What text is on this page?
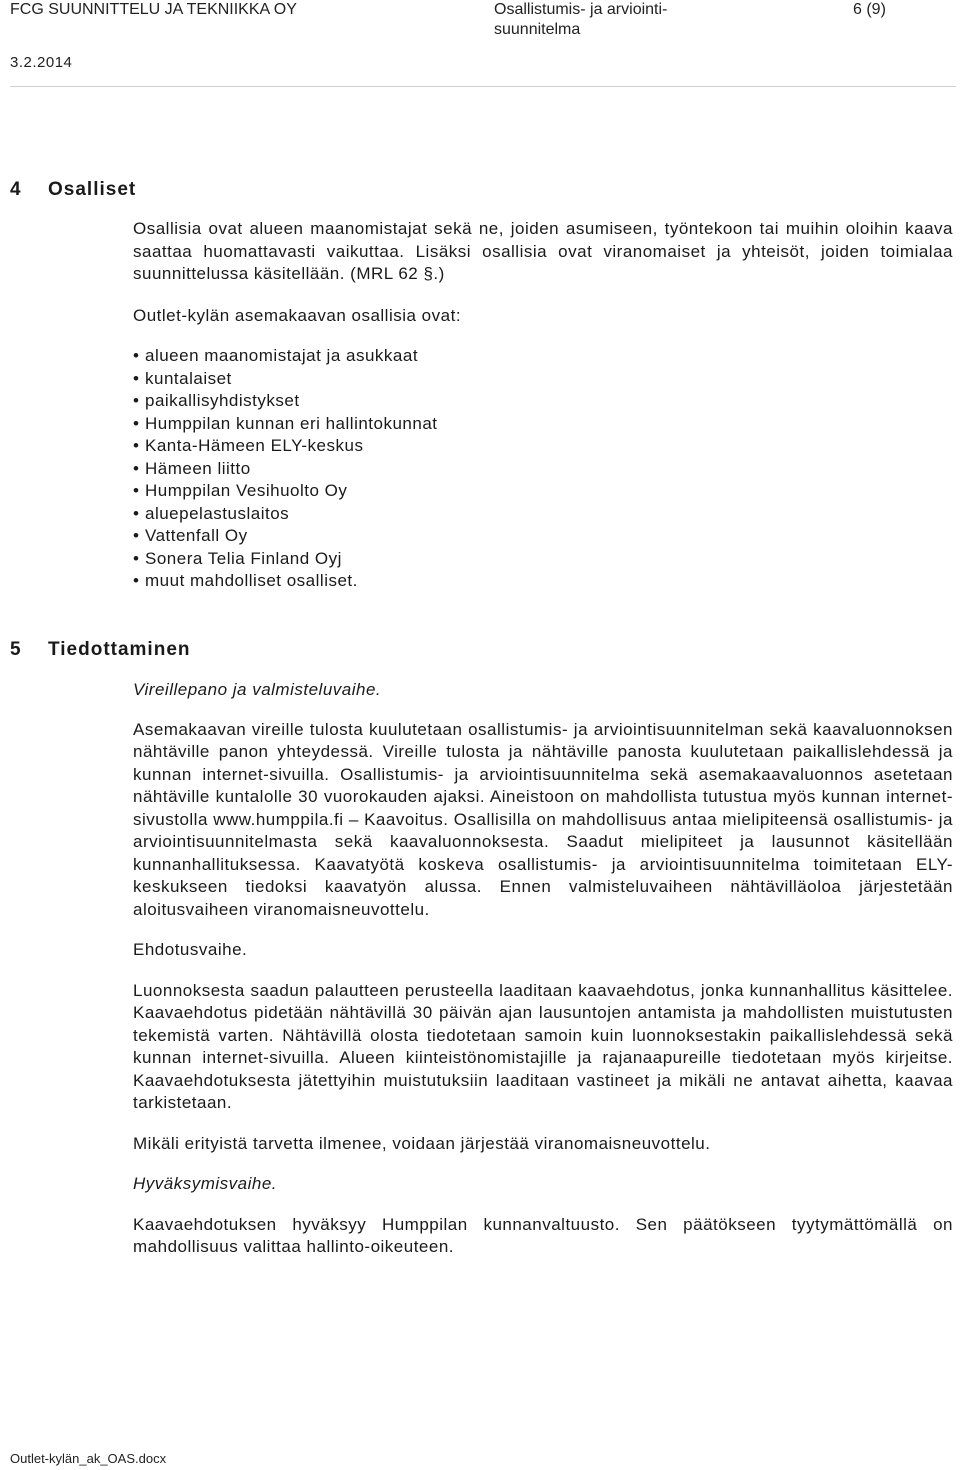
FCG SUUNNITTELU JA TEKNIIKKA OY	Osallistumis- ja arviointi-suunnitelma
6 (9)
3.2.2014
4 Osalliset

Osallisia ovat alueen maanomistajat sekä ne, joiden asumiseen, työntekoon tai muihin oloihin kaava saattaa huomattavasti vaikuttaa. Lisäksi osallisia ovat viranomaiset ja yhteisöt, joiden toimialaa suunnittelussa käsitellään. (MRL 62 §.)

Outlet-kylän asemakaavan osallisia ovat:

• alueen maanomistajat ja asukkaat
• kuntalaiset
• paikallisyhdistykset
• Humppilan kunnan eri hallintokunnat
• Kanta-Hämeen ELY-keskus
• Hämeen liitto
• Humppilan Vesihuolto Oy
• aluepelastuslaitos
• Vattenfall Oy
• Sonera Telia Finland Oyj
• muut mahdolliset osalliset.
5 Tiedottaminen

Vireillepano ja valmisteluvaihe.

Asemakaavan vireille tulosta kuulutetaan osallistumis- ja arviointisuunnitelman sekä kaavaluonnoksen nähtäville panon yhteydessä. Vireille tulosta ja nähtäville panosta kuulutetaan paikallislehdessä ja kunnan internet-sivuilla. Osallistumis- ja arviointisuunnitelma sekä asemakaavaluonnos asetetaan nähtäville kuntalolle 30 vuorokauden ajaksi. Aineistoon on mahdollista tutustua myös kunnan internet-sivustolla www.humppila.fi – Kaavoitus. Osallisilla on mahdollisuus antaa mielipiteensä osallistumis- ja arviointisuunnitelmasta sekä kaavaluonnoksesta. Saadut mielipiteet ja lausunnot käsitellään kunnanhallituksessa. Kaavatyötä koskeva osallistumis- ja arviointisuunnitelma toimitetaan ELY-keskukseen tiedoksi kaavatyön alussa. Ennen valmisteluvaiheen nähtävilläoloa järjestetään aloitusvaiheen viranomaisneuvottelu.

Ehdotusvaihe.

Luonnoksesta saadun palautteen perusteella laaditaan kaavaehdotus, jonka kunnanhallitus käsittelee. Kaavaehdotus pidetään nähtävillä 30 päivän ajan lausuntojen antamista ja mahdollisten muistutusten tekemistä varten. Nähtävillä olosta tiedotetaan samoin kuin luonnoksestakin paikallislehdessä sekä kunnan internet-sivuilla. Alueen kiinteistönomistajille ja rajanaapureille tiedotetaan myös kirjeitse. Kaavaehdotuksesta jätettyihin muistutuksiin laaditaan vastineet ja mikäli ne antavat aihetta, kaavaa tarkistetaan.

Mikäli erityistä tarvetta ilmenee, voidaan järjestää viranomaisneuvottelu.

Hyväksymisvaihe.

Kaavaehdotuksen hyväksyy Humppilan kunnanvaltuusto. Sen päätökseen tyytymättömällä on mahdollisuus valittaa hallinto-oikeuteen.

Outlet-kylän_ak_OAS.docx
